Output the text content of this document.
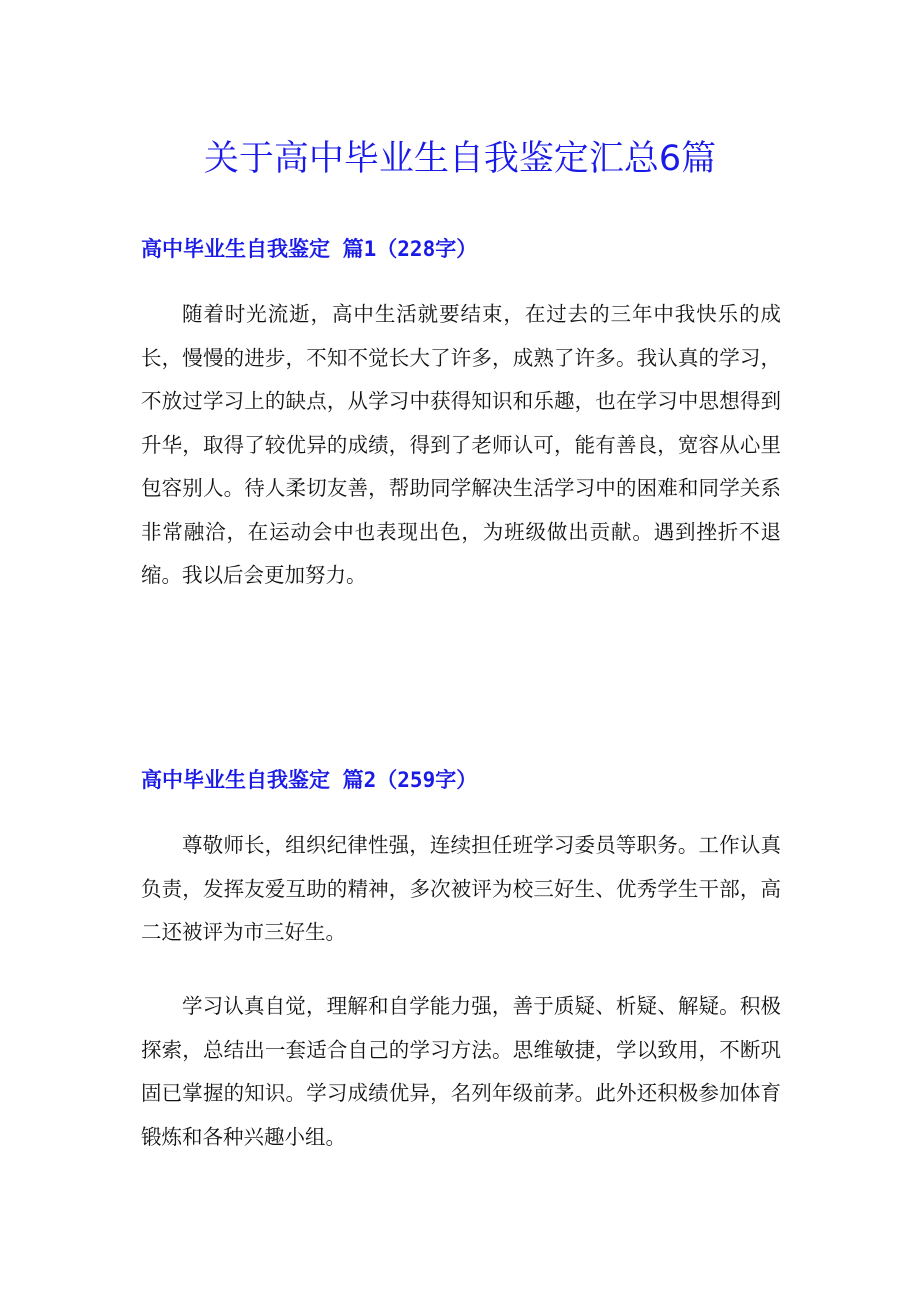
关于高中毕业生自我鉴定汇总6篇
高中毕业生自我鉴定 篇1（228字）

随着时光流逝，高中生活就要结束，在过去的三年中我快乐的成长，慢慢的进步，不知不觉长大了许多，成熟了许多。我认真的学习，不放过学习上的缺点，从学习中获得知识和乐趣，也在学习中思想得到升华，取得了较优异的成绩，得到了老师认可，能有善良，宽容从心里包容别人。待人柔切友善，帮助同学解决生活学习中的困难和同学关系非常融洽，在运动会中也表现出色，为班级做出贡献。遇到挫折不退缩。我以后会更加努力。

高中毕业生自我鉴定 篇2（259字）

尊敬师长，组织纪律性强，连续担任班学习委员等职务。工作认真负责，发挥友爱互助的精神，多次被评为校三好生、优秀学生干部，高二还被评为市三好生。

学习认真自觉，理解和自学能力强，善于质疑、析疑、解疑。积极探索，总结出一套适合自己的学习方法。思维敏捷，学以致用，不断巩固已掌握的知识。学习成绩优异，名列年级前茅。此外还积极参加体育锻炼和各种兴趣小组。
